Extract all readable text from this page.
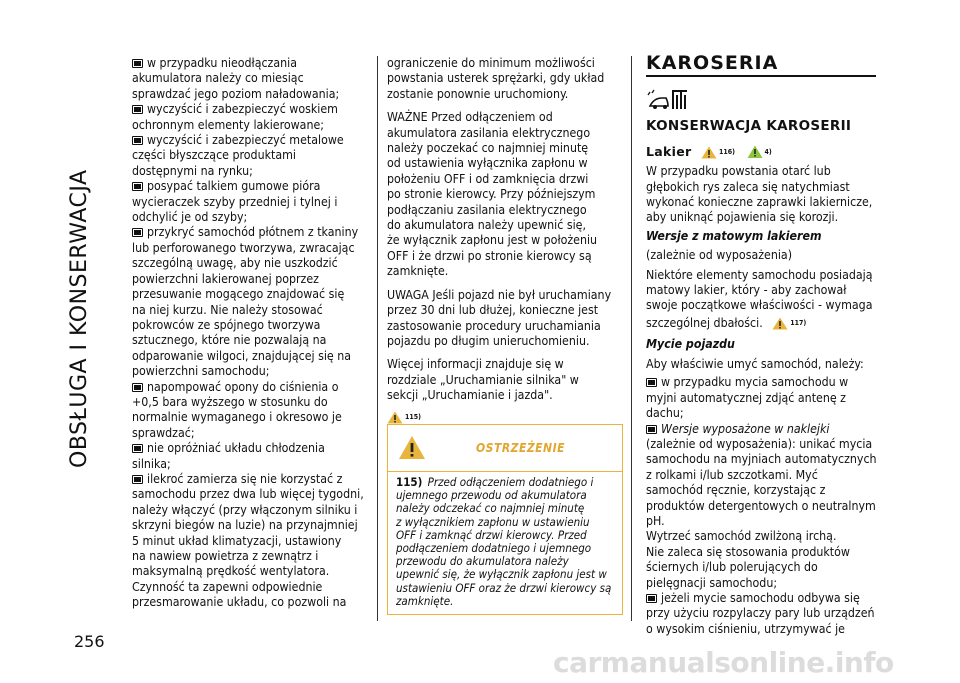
OBSŁUGA I KONSERWACJA
256

w przypadku nieodłączania
akumulatora należy co miesiąc
sprawdzać jego poziom naładowania;

wyczyścić i zabezpieczyć woskiem
ochronnym elementy lakierowane;

wyczyścić i zabezpieczyć metalowe
części błyszczące produktami
dostępnymi na rynku;

posypać talkiem gumowe pióra
wycieraczek szyby przedniej i tylnej i
odchylić je od szyby;

przykryć samochód płótnem z tkaniny
lub perforowanego tworzywa, zwracając
szczególną uwagę, aby nie uszkodzić
powierzchni lakierowanej poprzez
przesuwanie mogącego znajdować się
na niej kurzu. Nie należy stosować
pokrowców ze spójnego tworzywa
sztucznego, które nie pozwalają na
odparowanie wilgoci, znajdującej się na
powierzchni samochodu;

napompować opony do ciśnienia o
+0,5 bara wyższego w stosunku do
normalnie wymaganego i okresowo je
sprawdzać;

nie opróżniać układu chłodzenia
silnika;

ilekroć zamierza się nie korzystać z
samochodu przez dwa lub więcej tygodni,
należy włączyć (przy włączonym silniku i
skrzyni biegów na luzie) na przynajmniej
5 minut układ klimatyzacji, ustawiony
na nawiew powietrza z zewnątrz i
maksymalną prędkość wentylatora.
Czynność ta zapewni odpowiednie
przesmarowanie układu, co pozwoli na

ograniczenie do minimum możliwości
powstania usterek sprężarki, gdy układ
zostanie ponownie uruchomiony.

WAŻNE Przed odłączeniem od
akumulatora zasilania elektrycznego
należy poczekać co najmniej minutę
od ustawienia wyłącznika zapłonu w
położeniu OFF i od zamknięcia drzwi
po stronie kierowcy. Przy późniejszym
podłączaniu zasilania elektrycznego
do akumulatora należy upewnić się,
że wyłącznik zapłonu jest w położeniu
OFF i że drzwi po stronie kierowcy są
zamknięte.

UWAGA Jeśli pojazd nie był uruchamiany
przez 30 dni lub dłużej, konieczne jest
zastosowanie procedury uruchamiania
pojazdu po długim unieruchomieniu.

Więcej informacji znajduje się w
rozdziale „Uruchamianie silnika" w
sekcji „Uruchamianie i jazda".

115)
OSTRZEŻENIE
115) Przed odłączeniem dodatniego i
ujemnego przewodu od akumulatora
należy odczekać co najmniej minutę
z wyłącznikiem zapłonu w ustawieniu
OFF i zamknąć drzwi kierowcy. Przed
podłączeniem dodatniego i ujemnego
przewodu do akumulatora należy
upewnić się, że wyłącznik zapłonu jest w
ustawieniu OFF oraz że drzwi kierowcy są
zamknięte.
KAROSERIA
KONSERWACJA KAROSERII
Lakier	116)	4)

W przypadku powstania otarć lub
głębokich rys zaleca się natychmiast
wykonać konieczne zaprawki lakiernicze,
aby uniknąć pojawienia się korozji.

Wersje z matowym lakierem

(zależnie od wyposażenia)

Niektóre elementy samochodu posiadają
matowy lakier, który - aby zachował
swoje początkowe właściwości - wymaga

szczególnej dbałości.	117)

Mycie pojazdu

Aby właściwie umyć samochód, należy:

w przypadku mycia samochodu w
myjni automatycznej zdjąć antenę z
dachu;

Wersje wyposażone w naklejki
(zależnie od wyposażenia): unikać mycia
samochodu na myjniach automatycznych
z rolkami i/lub szczotkami. Myć
samochód ręcznie, korzystając z
produktów detergentowych o neutralnym
pH.

Wytrzeć samochód zwilżoną irchą.

Nie zaleca się stosowania produktów
ściernych i/lub polerujących do
pielęgnacji samochodu;

jeżeli mycie samochodu odbywa się
przy użyciu rozpylaczy pary lub urządzeń
o wysokim ciśnieniu, utrzymywać je

carmanualsonline.info
